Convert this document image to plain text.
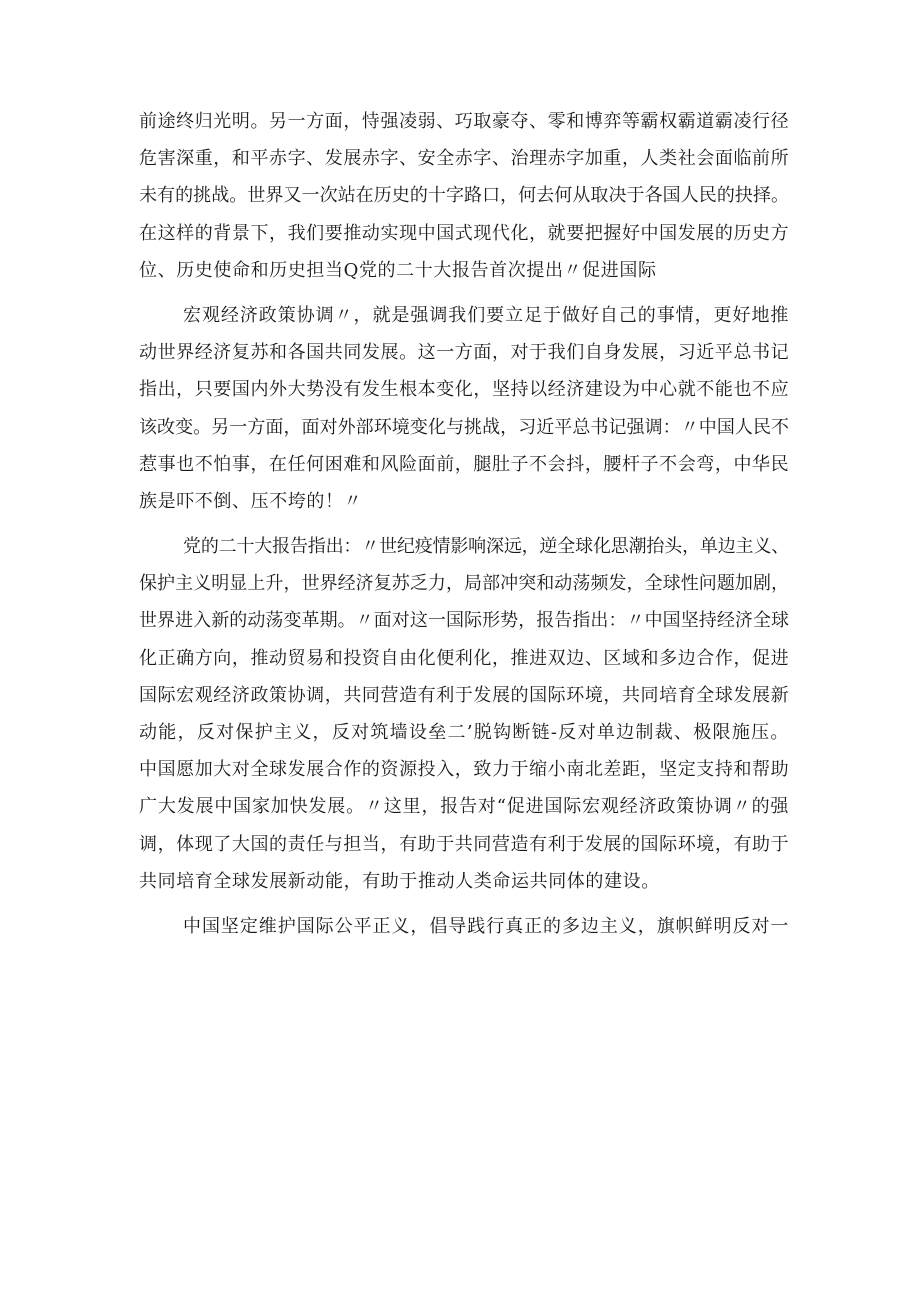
前途终归光明。另一方面，恃强凌弱、巧取豪夺、零和博弈等霸权霸道霸凌行径
危害深重，和平赤字、发展赤字、安全赤字、治理赤字加重，人类社会面临前所
未有的挑战。世界又一次站在历史的十字路口，何去何从取决于各国人民的抉择。
在这样的背景下，我们要推动实现中国式现代化，就要把握好中国发展的历史方
位、历史使命和历史担当Q党的二十大报告首次提出〃促进国际
宏观经济政策协调〃，就是强调我们要立足于做好自己的事情，更好地推
动世界经济复苏和各国共同发展。这一方面，对于我们自身发展，习近平总书记
指出，只要国内外大势没有发生根本变化，坚持以经济建设为中心就不能也不应
该改变。另一方面，面对外部环境变化与挑战，习近平总书记强调：〃中国人民不
惹事也不怕事，在任何困难和风险面前，腿肚子不会抖，腰杆子不会弯，中华民
族是吓不倒、压不垮的！〃
党的二十大报告指出：〃世纪疫情影响深远，逆全球化思潮抬头，单边主义、
保护主义明显上升，世界经济复苏乏力，局部冲突和动荡频发，全球性问题加剧，
世界进入新的动荡变革期。〃面对这一国际形势，报告指出：〃中国坚持经济全球
化正确方向，推动贸易和投资自由化便利化，推进双边、区域和多边合作，促进
国际宏观经济政策协调，共同营造有利于发展的国际环境，共同培育全球发展新
动能，反对保护主义，反对筑墙设垒二’脱钩断链-反对单边制裁、极限施压。
中国愿加大对全球发展合作的资源投入，致力于缩小南北差距，坚定支持和帮助
广大发展中国家加快发展。〃这里，报告对“促进国际宏观经济政策协调〃的强
调，体现了大国的责任与担当，有助于共同营造有利于发展的国际环境，有助于
共同培育全球发展新动能，有助于推动人类命运共同体的建设。
中国坚定维护国际公平正义，倡导践行真正的多边主义，旗帜鲜明反对一
